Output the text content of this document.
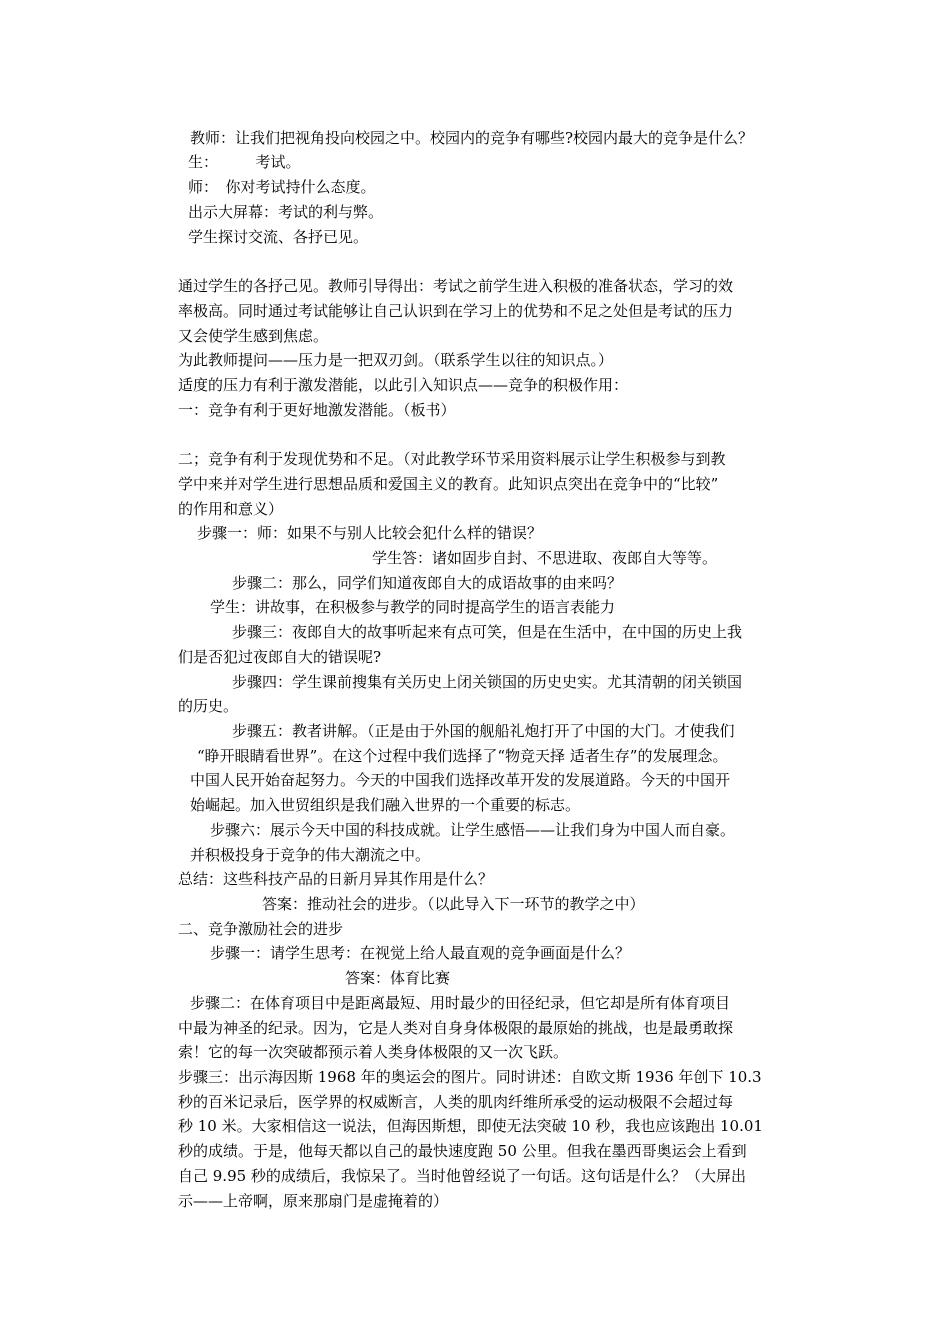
教师：让我们把视角投向校园之中。校园内的竞争有哪些?校园内最大的竞争是什么？
生：　　　考试。
师：　你对考试持什么态度。
出示大屏幕：考试的利与弊。
学生探讨交流、各抒已见。
通过学生的各抒己见。教师引导得出：考试之前学生进入积极的准备状态，学习的效
率极高。同时通过考试能够让自己认识到在学习上的优势和不足之处但是考试的压力
又会使学生感到焦虑。
为此教师提问——压力是一把双刃剑。（联系学生以往的知识点。）
适度的压力有利于激发潜能，以此引入知识点——竞争的积极作用：
一：竞争有利于更好地激发潜能。（板书）
二；竞争有利于发现优势和不足。（对此教学环节采用资料展示让学生积极参与到教
学中来并对学生进行思想品质和爱国主义的教育。此知识点突出在竞争中的“比较”
的作用和意义）
步骤一：师：如果不与别人比较会犯什么样的错误？
学生答：诸如固步自封、不思进取、夜郎自大等等。
步骤二：那么，同学们知道夜郎自大的成语故事的由来吗？
学生：讲故事，在积极参与教学的同时提高学生的语言表能力
步骤三：夜郎自大的故事听起来有点可笑，但是在生活中，在中国的历史上我
们是否犯过夜郎自大的错误呢?
步骤四：学生课前搜集有关历史上闭关锁国的历史史实。尤其清朝的闭关锁国
的历史。
步骤五：教者讲解。（正是由于外国的舰船礼炮打开了中国的大门。才使我们
“睁开眼睛看世界”。在这个过程中我们选择了“物竞天择 适者生存”的发展理念。
中国人民开始奋起努力。今天的中国我们选择改革开发的发展道路。今天的中国开
始崛起。加入世贸组织是我们融入世界的一个重要的标志。
步骤六：展示今天中国的科技成就。让学生感悟——让我们身为中国人而自豪。
并积极投身于竞争的伟大潮流之中。
总结：这些科技产品的日新月异其作用是什么？
答案：推动社会的进步。（以此导入下一环节的教学之中）
二、竞争激励社会的进步
步骤一：请学生思考：在视觉上给人最直观的竞争画面是什么？
答案：体育比赛
步骤二：在体育项目中是距离最短、用时最少的田径纪录，但它却是所有体育项目
中最为神圣的纪录。因为，它是人类对自身身体极限的最原始的挑战，也是最勇敢探
索！它的每一次突破都预示着人类身体极限的又一次飞跃。
步骤三：出示海因斯 1968 年的奥运会的图片。同时讲述：自欧文斯 1936 年创下 10.3
秒的百米记录后，医学界的权威断言，人类的肌肉纤维所承受的运动极限不会超过每
秒 10 米。大家相信这一说法，但海因斯想，即使无法突破 10 秒，我也应该跑出 10.01
秒的成绩。于是，他每天都以自己的最快速度跑 50 公里。但我在墨西哥奥运会上看到
自己 9.95 秒的成绩后，我惊呆了。当时他曾经说了一句话。这句话是什么？（大屏出
示——上帝啊，原来那扇门是虚掩着的）
